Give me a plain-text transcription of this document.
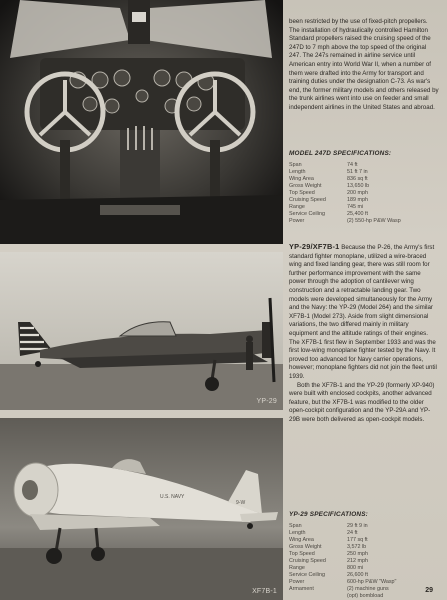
YP-29
U.S. NAVY
9-W
XF7B-1

been restricted by the use of fixed-pitch propellers. The installation of hydraulically controlled Hamilton Standard propellers raised the cruising speed of the 247D to 7 mph above the top speed of the original 247. The 247s remained in airline service until American entry into World War II, when a number of them were drafted into the Army for transport and training duties under the designation C-73. As war's end, the former military models and others released by the trunk airlines went into use on feeder and small independent airlines in the United States and abroad.

MODEL 247D SPECIFICATIONS:
Span	74 ft
Length	51 ft 7 in
Wing Area	836 sq ft
Gross Weight	13,650 lb
Top Speed	200 mph
Cruising Speed	189 mph
Range	745 mi
Service Ceiling	25,400 ft
Power	(2) 550-hp P&W Wasp

YP-29/XF7B-1 Because the P-26, the Army's first standard fighter monoplane, utilized a wire-braced wing and fixed landing gear, there was still room for further performance improvement with the same power through the adoption of cantilever wing construction and a retractable landing gear. Two models were developed simultaneously for the Army and the Navy: the YP-29 (Model 264) and the similar XF7B-1 (Model 273). Aside from slight dimensional variations, the two differed mainly in military equipment and the altitude ratings of their engines. The XF7B-1 first flew in September 1933 and was the first low-wing monoplane fighter tested by the Navy. It proved too advanced for Navy carrier operations, however; monoplane fighters did not join the fleet until 1939.

Both the XF7B-1 and the YP-29 (formerly XP-940) were built with enclosed cockpits, another advanced feature, but the XF7B-1 was modified to the older open-cockpit configuration and the YP-29A and YP-29B were both delivered as open-cockpit models.

YP-29 SPECIFICATIONS:
Span	29 ft 9 in
Length	24 ft
Wing Area	177 sq ft
Gross Weight	3,572 lb
Top Speed	250 mph
Cruising Speed	212 mph
Range	800 mi
Service Ceiling	26,600 ft
Power	600-hp P&W "Wasp"
Armament	(2) machine guns
	(opt) bombload
29
